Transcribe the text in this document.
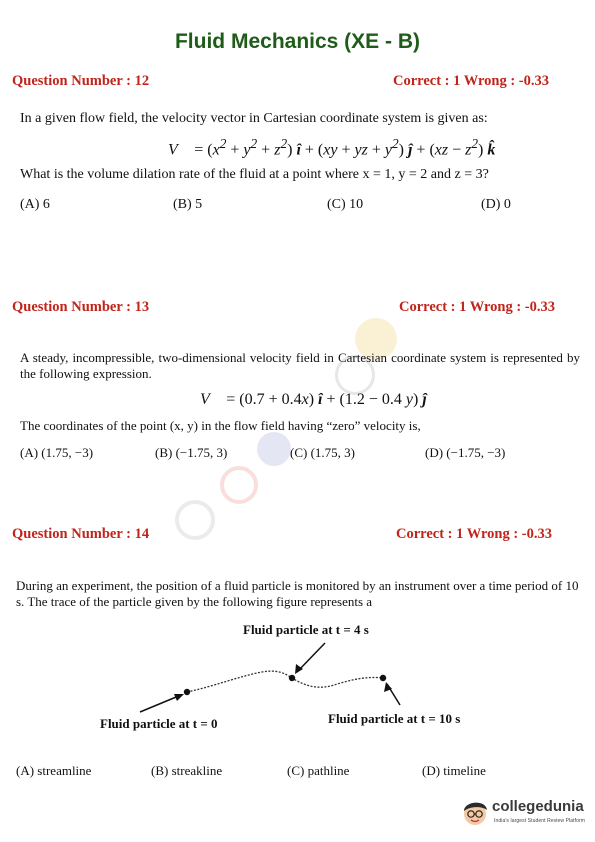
Fluid Mechanics (XE - B)
Question Number : 12	Correct : 1 Wrong : -0.33
In a given flow field, the velocity vector in Cartesian coordinate system is given as:
V⃗ = $(x^2 + y^2 + z^2)$ î + (xy + yz + $y^2$) ĵ + $(xz - z^2)$ k̂
What is the volume dilation rate of the fluid at a point where x = 1, y = 2 and z = 3?
(A) 6	(B) 5	(C) 10	(D) 0
Question Number : 13	Correct : 1 Wrong : -0.33
A steady, incompressible, two-dimensional velocity field in Cartesian coordinate system is represented by the following expression.
V⃗ = (0.7 + 0.4x) î + (1.2 − 0.4 y) ĵ
The coordinates of the point (x, y) in the flow field having “zero” velocity is,
(A) (1.75, −3)	(B) (−1.75, 3)	(C) (1.75, 3)	(D) (−1.75, −3)
Question Number : 14	Correct : 1 Wrong : -0.33
During an experiment, the position of a fluid particle is monitored by an instrument over a time period of 10 s. The trace of the particle given by the following figure represents a
Fluid particle at t = 4 s
Fluid particle at t = 0	Fluid particle at t = 10 s
(A) streamline	(B) streakline	(C) pathline	(D) timeline
collegedunia
India's largest Student Review Platform
